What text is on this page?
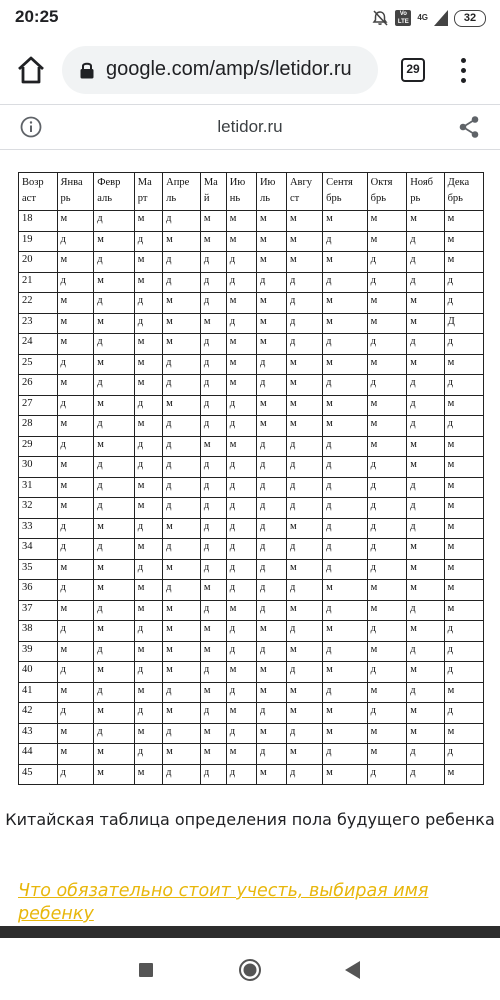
20:25	Vo LTE	4G	32
google.com/amp/s/letidor.ru	29
letidor.ru
Возр аст	Янва рь	Февр аль	Ма рт	Апре ль	Ма й	Ию нь	Ию ль	Авгу ст	Сентя брь	Октя брь	Нояб рь	Дека брь
18	м	д	м	д	м	м	м	м	м	м	м	м
19	д	м	д	м	м	м	м	м	д	м	д	м
20	м	д	м	д	д	д	м	м	м	д	д	м
21	д	м	м	д	д	д	д	д	д	д	д	д
22	м	д	д	м	д	м	м	д	м	м	м	д
23	м	м	д	м	м	д	м	д	м	м	м	Д
24	м	д	м	м	д	м	м	д	д	д	д	д
25	д	м	м	д	д	м	д	м	м	м	м	м
26	м	д	м	д	д	м	д	м	д	д	д	д
27	д	м	д	м	д	д	м	м	м	м	д	м
28	м	д	м	д	д	д	м	м	м	м	д	д
29	д	м	д	д	м	м	д	д	д	м	м	м
30	м	д	д	д	д	д	д	д	д	д	м	м
31	м	д	м	д	д	д	д	д	д	д	д	м
32	м	д	м	д	д	д	д	д	д	д	д	м
33	д	м	д	м	д	д	д	м	д	д	д	м
34	д	д	м	д	д	д	д	д	д	д	м	м
35	м	м	д	м	д	д	д	м	д	д	м	м
36	д	м	м	д	м	д	д	д	м	м	м	м
37	м	д	м	м	д	м	д	м	д	м	д	м
38	д	м	д	м	м	д	м	д	м	д	м	д
39	м	д	м	м	м	д	д	м	д	м	д	д
40	д	м	д	м	д	м	м	д	м	д	м	д
41	м	д	м	д	м	д	м	м	д	м	д	м
42	д	м	д	м	д	м	д	м	м	д	м	д
43	м	д	м	д	м	д	м	д	м	м	м	м
44	м	м	д	м	м	м	д	м	д	м	д	д
45	д	м	м	д	д	д	м	д	м	д	д	м
Китайская таблица определения пола будущего ребенка
Что обязательно стоит учесть, выбирая имя ребенку
